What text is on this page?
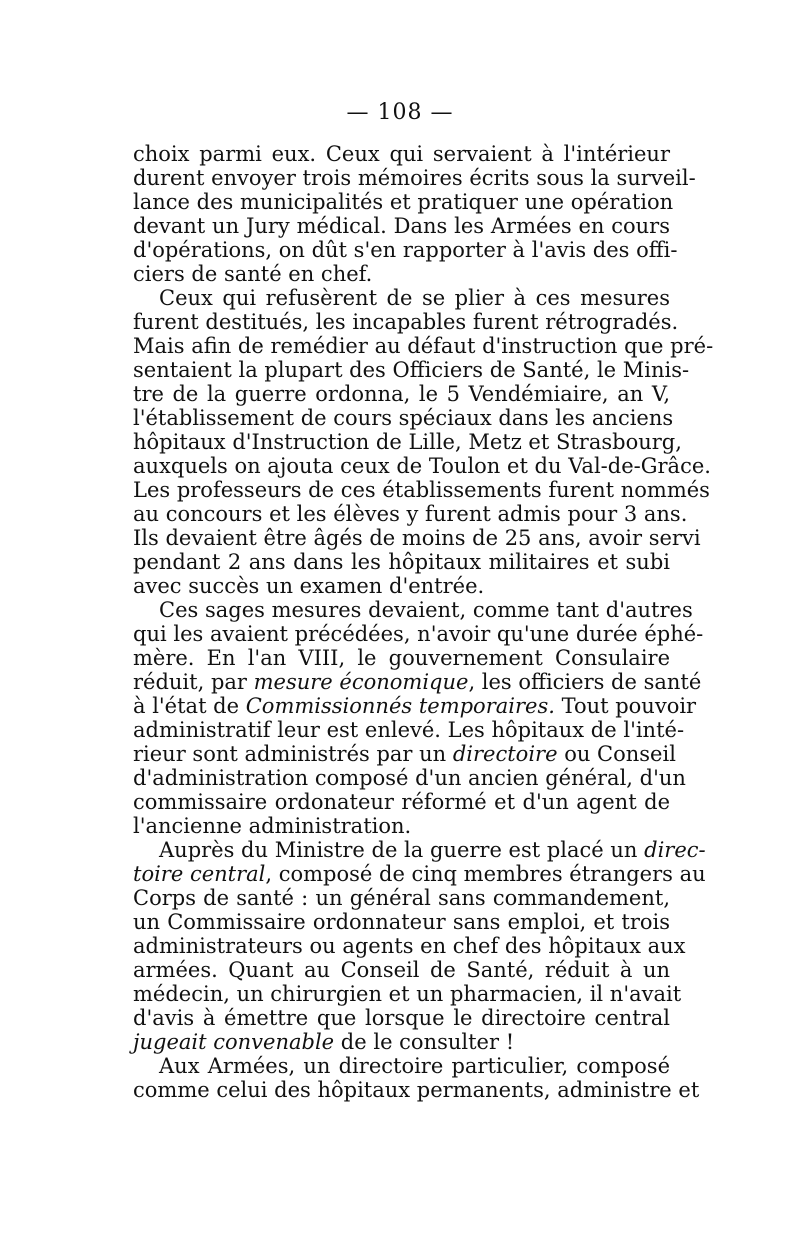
— 108 —
choix parmi eux. Ceux qui servaient à l'intérieur
durent envoyer trois mémoires écrits sous la surveil-
lance des municipalités et pratiquer une opération
devant un Jury médical. Dans les Armées en cours
d'opérations, on dût s'en rapporter à l'avis des offi-
ciers de santé en chef.
Ceux qui refusèrent de se plier à ces mesures
furent destitués, les incapables furent rétrogradés.
Mais afin de remédier au défaut d'instruction que pré-
sentaient la plupart des Officiers de Santé, le Minis-
tre de la guerre ordonna, le 5 Vendémiaire, an V,
l'établissement de cours spéciaux dans les anciens
hôpitaux d'Instruction de Lille, Metz et Strasbourg,
auxquels on ajouta ceux de Toulon et du Val-de-Grâce.
Les professeurs de ces établissements furent nommés
au concours et les élèves y furent admis pour 3 ans.
Ils devaient être âgés de moins de 25 ans, avoir servi
pendant 2 ans dans les hôpitaux militaires et subi
avec succès un examen d'entrée.
Ces sages mesures devaient, comme tant d'autres
qui les avaient précédées, n'avoir qu'une durée éphé-
mère. En l'an VIII, le gouvernement Consulaire
réduit, par mesure économique, les officiers de santé
à l'état de Commissionnés temporaires. Tout pouvoir
administratif leur est enlevé. Les hôpitaux de l'inté-
rieur sont administrés par un directoire ou Conseil
d'administration composé d'un ancien général, d'un
commissaire ordonateur réformé et d'un agent de
l'ancienne administration.
Auprès du Ministre de la guerre est placé un direc-
toire central, composé de cinq membres étrangers au
Corps de santé : un général sans commandement,
un Commissaire ordonnateur sans emploi, et trois
administrateurs ou agents en chef des hôpitaux aux
armées. Quant au Conseil de Santé, réduit à un
médecin, un chirurgien et un pharmacien, il n'avait
d'avis à émettre que lorsque le directoire central
jugeait convenable de le consulter !
Aux Armées, un directoire particulier, composé
comme celui des hôpitaux permanents, administre et
